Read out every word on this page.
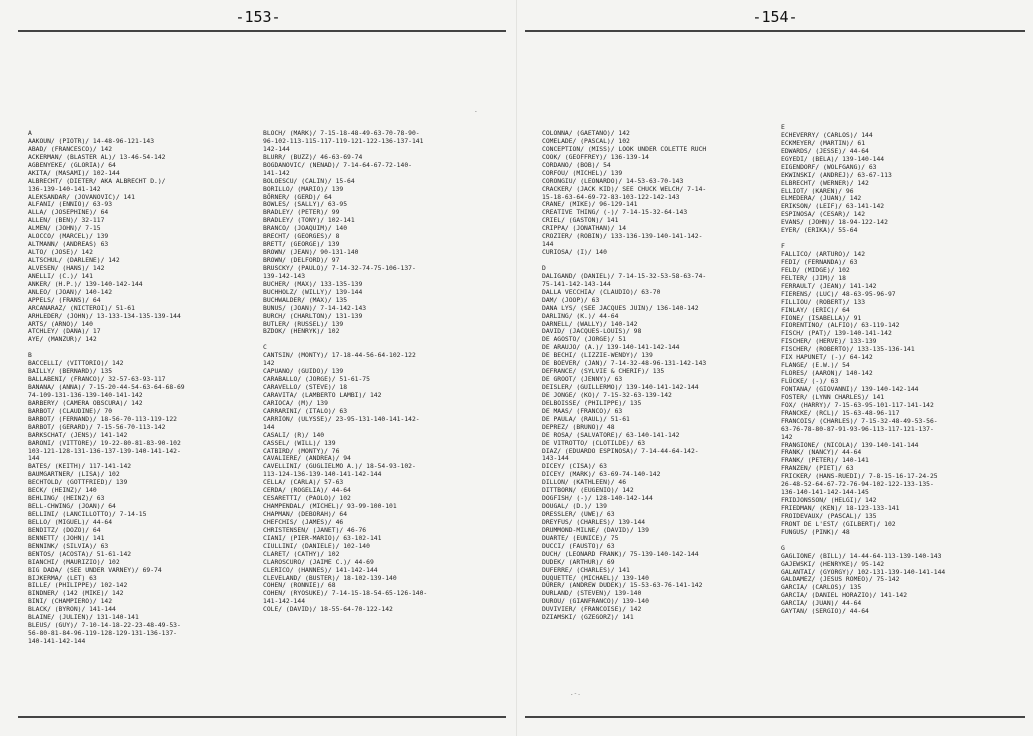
-153-
A
AAKOUN/ (PIOTR)/ 14-48-96-121-143
ABAD/ (FRANCESCO)/ 142
ACKERMAN/ (BLASTER AL)/ 13-46-54-142
AGBENYEKE/ (GLORIA)/ 64
AKITA/ (MASAMI)/ 102-144
ALBRECHT/ (DIETER/ AKA ALBRECHT D.)/
136-139-140-141-142
ALEKSANDAR/ (JOVANOVIC)/ 141
ALFANI/ (ENNIO)/ 63-93
ALLA/ (JOSEPHINE)/ 64
ALLEN/ (BEN)/ 32-117
ALMEN/ (JOHN)/ 7-15
ALOCCO/ (MARCEL)/ 139
ALTMANN/ (ANDREAS) 63
ALTO/ (JOSE)/ 142
ALTSCHUL/ (DARLENE)/ 142
ALVESEN/ (HANS)/ 142
ANELLI/ (C.)/ 141
ANKER/ (H.P.)/ 139-140-142-144
ANLEO/ (JOAN)/ 140-142
APPELS/ (FRANS)/ 64
ARCANARAZ/ (NICTEROI)/ 51-61
ARHLEDER/ (JOHN)/ 13-133-134-135-139-144
ARTS/ (ARNO)/ 140
ATCHLEY/ (DANA)/ 17
AYE/ (MANZUR)/ 142
B
BACCELLI/ (VITTORIO)/ 142
BAILLY/ (BERNARD)/ 135
BALLABENI/ (FRANCO)/ 32-57-63-93-117
BANANA/ (ANNA)/ 7-15-20-44-54-63-64-68-69
74-109-131-136-139-140-141-142
BARBERY/ (CAMERA OBSCURA)/ 142
BARBOT/ (CLAUDINE)/ 70
BARBOT/ (FERNAND)/ 18-56-70-113-119-122
BARBOT/ (GERARD)/ 7-15-56-70-113-142
BARKSCHAT/ (JENS)/ 141-142
BARONI/ (VITTORE)/ 19-22-80-81-83-90-102
103-121-128-131-136-137-139-140-141-142-
144
BATES/ (KEITH)/ 117-141-142
BAUMGARTNER/ (LISA)/ 102
BECHTOLD/ (GOTTFRIED)/ 139
BECK/ (HEINZ)/ 140
BEHLING/ (HEINZ)/ 63
BELL-CHWING/ (JOAN)/ 64
BELLINI/ (LANCILLOTTO)/ 7-14-15
BELLO/ (MIGUEL)/ 44-64
BENDITZ/ (DOZO)/ 64
BENNETT/ (JOHN)/ 141
BENNINK/ (SILVIA)/ 63
BENTOS/ (ACOSTA)/ 51-61-142
BIANCHI/ (MAURIZIO)/ 102
BIG DADA/ (SEE UNDER VARNEY)/ 69-74
BIJKERMA/ (LET) 63
BILLE/ (PHILIPPE)/ 102-142
BINDNER/ (142 (MIKE)/ 142
BINI/ (CHAMPIERO)/ 142
BLACK/ (BYRON)/ 141-144
BLAINE/ (JULIEN)/ 131-140-141
BLEUS/ (GUY)/ 7-10-14-18-22-23-48-49-53-
56-80-81-84-96-119-128-129-131-136-137-
140-141-142-144
BLOCH/ (MARK)/ 7-15-18-48-49-63-70-78-90-
96-102-113-115-117-119-121-122-136-137-141
142-144
BLURR/ (BUZZ)/ 46-63-69-74
BOGDANOVIC/ (NENAD)/ 7-14-64-67-72-140-
141-142
BOLOESCU/ (CALIN)/ 15-64
BORILLO/ (MARIO)/ 139
BÖRNER/ (GERD)/ 64
BOWLES/ (SALLY)/ 63-95
BRADLEY/ (PETER)/ 99
BRADLEY/ (TONY)/ 102-141
BRANCO/ (JOAQUIM)/ 140
BRECHT/ (GEORGES)/ 8
BRETT/ (GEORGE)/ 139
BROWN/ (JEAN)/ 90-131-140
BROWN/ (DELFORD)/ 97
BRUSCKY/ (PAULO)/ 7-14-32-74-75-106-137-
139-142-143
BUCHER/ (MAX)/ 133-135-139
BUCHHOLZ/ (WILLY)/ 139-144
BUCHWALDER/ (MAX)/ 135
BUNUS/ (JOAN)/ 7-14-142-143
BURCH/ (CHARLTON)/ 131-139
BUTLER/ (RUSSEL)/ 139
BZDOK/ (HENRYK)/ 102
C
CANTSIN/ (MONTY)/ 17-18-44-56-64-102-122
142
CAPUANO/ (GUIDO)/ 139
CARABALLO/ (JORGE)/ 51-61-75
CARAVELLO/ (STEVE)/ 18
CARAVITA/ (LAMBERTO LAMBI)/ 142
CARIOCA/ (M)/ 139
CARRARINI/ (ITALO)/ 63
CARRION/ (ULYSSE)/ 23-95-131-140-141-142-
144
CASALI/ (R)/ 140
CASSEL/ (WILL)/ 139
CATBIRD/ (MONTY)/ 76
CAVALIERE/ (ANDREA)/ 94
CAVELLINI/ (GUGLIELMO A.)/ 18-54-93-102-
113-124-136-139-140-141-142-144
CELLA/ (CARLA)/ 57-63
CERDA/ (ROGELIA)/ 44-64
CESARETTI/ (PAOLO)/ 102
CHAMPENDAL/ (MICHEL)/ 93-99-100-101
CHAPMAN/ (DEBORAH)/ 64
CHEFCHIS/ (JAMES)/ 46
CHRISTENSEN/ (JANET)/ 46-76
CIANI/ (PIER-MARIO)/ 63-102-141
CIULLINI/ (DANIELE)/ 102-140
CLARET/ (CATHY)/ 102
CLAROSCURO/ (JAIME C.)/ 44-69
CLERICO/ (HANNES)/ 141-142-144
CLEVELAND/ (BUSTER)/ 18-102-139-140
COHEN/ (RONNIE)/ 68
COHEN/ (RYOSUKE)/ 7-14-15-18-54-65-126-140-
141-142-144
COLE/ (DAVID)/ 18-55-64-70-122-142
-
-154-
COLONNA/ (GAETANO)/ 142
COMELADE/ (PASCAL)/ 102
CONCEPTION/ (MISS)/ LOOK UNDER COLETTE RUCH
COOK/ (GEOFFREY)/ 136-139-14
CORDANO/ (BOB)/ 54
CORFOU/ (MICHEL)/ 139
CORONGIU/ (LEONARDO)/ 14-53-63-70-143
CRACKER/ (JACK KID)/ SEE CHUCK WELCH/ 7-14-
15-18-63-64-69-72-83-103-122-142-143
CRANE/ (MIKE)/ 96-129-141
CREATIVE THING/ (-)/ 7-14-15-32-64-143
CRIEL/ (GASTON)/ 141
CRIPPA/ (JONATHAN)/ 14
CROZIER/ (ROBIN)/ 133-136-139-140-141-142-
144
CURIOSA/ (I)/ 140
D
DALIGAND/ (DANIEL)/ 7-14-15-32-53-58-63-74-
75-141-142-143-144
DALLA VECCHIA/ (CLAUDIO)/ 63-70
DAM/ (JOOP)/ 63
DANA LYS/ (SEE JACQUES JUIN)/ 136-140-142
DARLING/ (K.)/ 44-64
DARNELL/ (WALLY)/ 140-142
DAVID/ (JACQUES-LOUIS)/ 98
DE AGOSTO/ (JORGE)/ 51
DE ARAUJO/ (A.)/ 139-140-141-142-144
DE BECHI/ (LIZZIE-WENDY)/ 139
DE BOEVER/ (JAN)/ 7-14-32-48-96-131-142-143
DEFRANCE/ (SYLVIE & CHERIF)/ 135
DE GROOT/ (JENNY)/ 63
DEISLER/ (GUILLERMO)/ 139-140-141-142-144
DE JONGE/ (KO)/ 7-15-32-63-139-142
DELBOISSE/ (PHILIPPE)/ 135
DE MAAS/ (FRANCO)/ 63
DE PAULA/ (RAUL)/ 51-61
DEPREZ/ (BRUNO)/ 48
DE ROSA/ (SALVATORE)/ 63-140-141-142
DE VITROTTO/ (CLOTILDE)/ 63
DIAZ/ (EDUARDO ESPINOSA)/ 7-14-44-64-142-
143-144
DICEY/ (CISA)/ 63
DICEY/ (MARK)/ 63-69-74-140-142
DILLON/ (KATHLEEN)/ 46
DITTBORN/ (EUGENIO)/ 142
DOGFISH/ (-)/ 128-140-142-144
DOUGAL/ (D.)/ 139
DRESSLER/ (UWE)/ 63
DREYFUS/ (CHARLES)/ 139-144
DRUMMOND-MILNE/ (DAVID)/ 139
DUARTE/ (EUNICE)/ 75
DUCCI/ (FAUSTO)/ 63
DUCH/ (LEONARD FRANK)/ 75-139-140-142-144
DUDEK/ (ARTHUR)/ 69
DUFERRE/ (CHARLES)/ 141
DUQUETTE/ (MICHAEL)/ 139-140
DÜRER/ (ANDREW DUDEK)/ 15-53-63-76-141-142
DURLAND/ (STEVEN)/ 139-140
DUROU/ (GIANFRANCO)/ 139-140
DUVIVIER/ (FRANCOISE)/ 142
DZIAMSKI/ (GZEGORZ)/ 141
E
ECHEVERRY/ (CARLOS)/ 144
ECKMEYER/ (MARTIN)/ 61
EDWARDS/ (JESSE)/ 44-64
EGYEDI/ (BELA)/ 139-140-144
EIGENDORF/ (WOLFGANG)/ 63
EKWINSKI/ (ANDREJ)/ 63-67-113
ELBRECHT/ (WERNER)/ 142
ELLIOT/ (KAREN)/ 96
ELMEDERA/ (JUAN)/ 142
ERIKSON/ (LEIF)/ 63-141-142
ESPINOSA/ (CESAR)/ 142
EVANS/ (JOHN)/ 18-94-122-142
EYER/ (ERIKA)/ 55-64
F
FALLICO/ (ARTURO)/ 142
FEDI/ (FERNANDA)/ 63
FELD/ (MIDGE)/ 102
FELTER/ (JIM)/ 18
FERRAULT/ (JEAN)/ 141-142
FIERENS/ (LUC)/ 48-63-95-96-97
FILLIOU/ (ROBERT)/ 133
FINLAY/ (ERIC)/ 64
FIONE/ (ISABELLA)/ 91
FIORENTINO/ (ALFIO)/ 63-119-142
FISCH/ (PAT)/ 139-140-141-142
FISCHER/ (HERVE)/ 133-139
FISCHER/ (ROBERTO)/ 133-135-136-141
FIX HAPUNET/ (-)/ 64-142
FLANGE/ (E.W.)/ 54
FLORES/ (AARON)/ 140-142
FLÜCKE/ (-)/ 63
FONTANA/ (GIOVANNI)/ 139-140-142-144
FOSTER/ (LYNN CHARLES)/ 141
FOX/ (HARRY)/ 7-15-63-95-101-117-141-142
FRANCKE/ (RCL)/ 15-63-48-96-117
FRANCOIS/ (CHARLES)/ 7-15-32-48-49-53-56-
63-76-78-80-87-91-93-96-113-117-121-137-
142
FRANGIONE/ (NICOLA)/ 139-140-141-144
FRANK/ (NANCY)/ 44-64
FRANK/ (PETER)/ 140-141
FRANZEN/ (PIET)/ 63
FRICKER/ (HANS-RUEDI)/ 7-8-15-16-17-24-25
26-48-52-64-67-72-76-94-102-122-133-135-
136-140-141-142-144-145
FRIDJONSSON/ (HELGI)/ 142
FRIEDMAN/ (KEN)/ 18-123-133-141
FROIDEVAUX/ (PASCAL)/ 135
FRONT DE L'EST/ (GILBERT)/ 102
FUNGUS/ (PINK)/ 48
G
GAGLIONE/ (BILL)/ 14-44-64-113-139-140-143
GAJEWSKI/ (HENRYKE)/ 95-142
GALANTAI/ (GYORGY)/ 102-131-139-140-141-144
GALDAMEZ/ (JESUS ROMEO)/ 75-142
GARCIA/ (CARLOS)/ 135
GARCIA/ (DANIEL HORAZIO)/ 141-142
GARCIA/ (JUAN)/ 44-64
GAYTAN/ (SERGIO)/ 44-64
.-.
